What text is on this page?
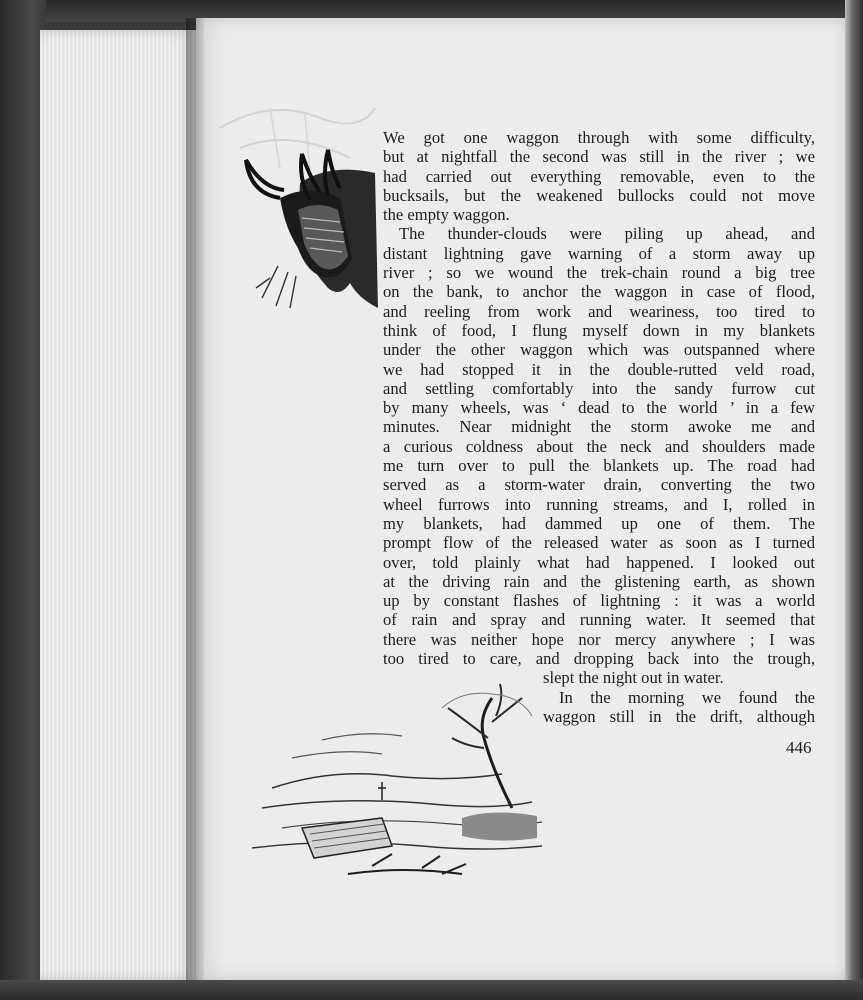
We got one waggon through with some difficulty,
but at nightfall the second was still in the river ; we
had carried out everything removable, even to the
bucksails, but the weakened bullocks could not move
the empty waggon.
The thunder-clouds were piling up ahead, and
distant lightning gave warning of a storm away up
river ; so we wound the trek-chain round a big tree
on the bank, to anchor the waggon in case of flood,
and reeling from work and weariness, too tired to
think of food, I flung myself down in my blankets
under the other waggon which was outspanned where
we had stopped it in the double-rutted veld road,
and settling comfortably into the sandy furrow cut
by many wheels, was ‘ dead to the world ’ in a few
minutes. Near midnight the storm awoke me and
a curious coldness about the neck and shoulders made
me turn over to pull the blankets up. The road had
served as a storm-water drain, converting the two
wheel furrows into running streams, and I, rolled in
my blankets, had dammed up one of them. The
prompt flow of the released water as soon as I turned
over, told plainly what had happened. I looked out
at the driving rain and the glistening earth, as shown
up by constant flashes of lightning : it was a world
of rain and spray and running water. It seemed that
there was neither hope nor mercy anywhere ; I was
too tired to care, and dropping back into the trough,
slept the night out in water.
In the morning we found the
waggon still in the drift, although
446
